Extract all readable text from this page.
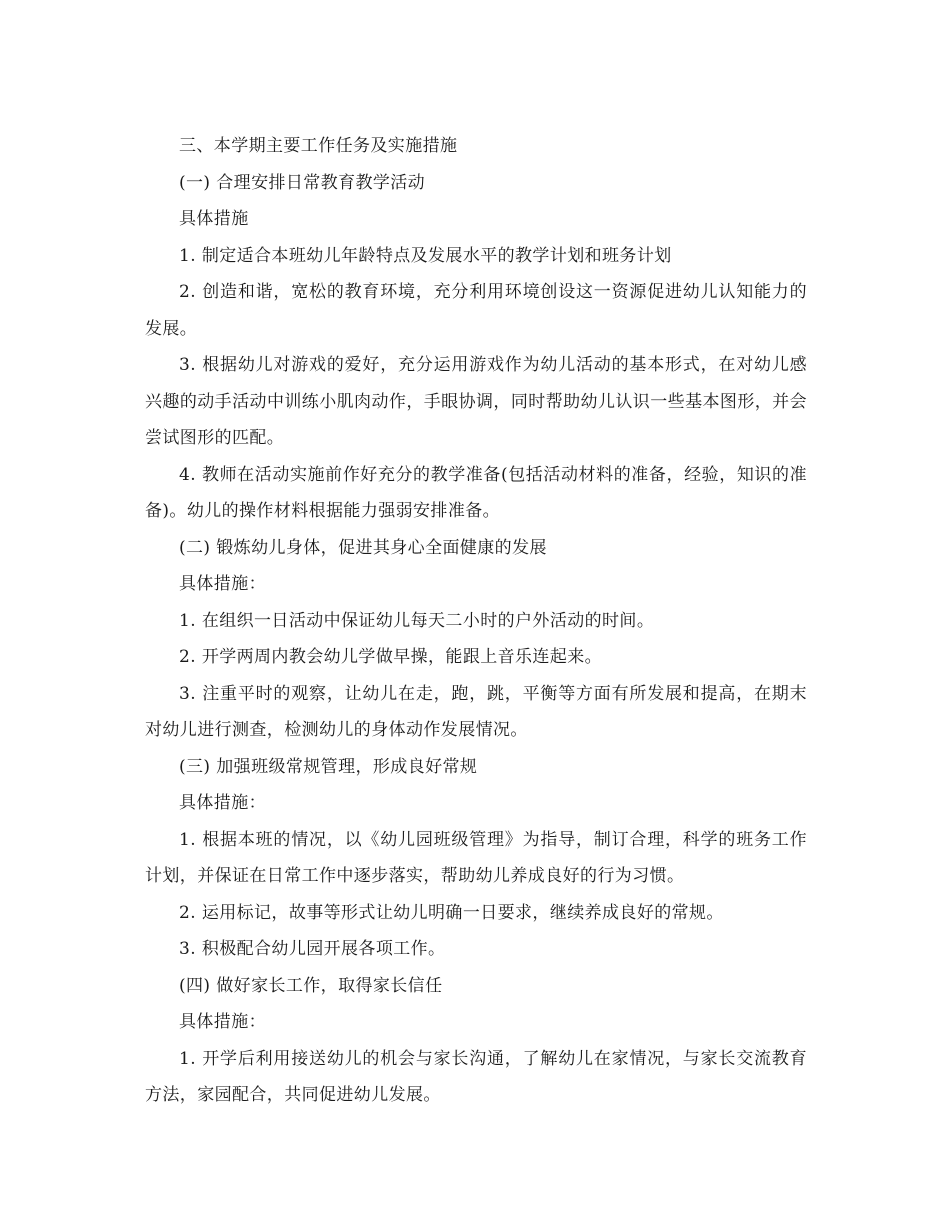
三、本学期主要工作任务及实施措施

(一) 合理安排日常教育教学活动

具体措施

1. 制定适合本班幼儿年龄特点及发展水平的教学计划和班务计划

2. 创造和谐，宽松的教育环境，充分利用环境创设这一资源促进幼儿认知能力的发展。

3. 根据幼儿对游戏的爱好，充分运用游戏作为幼儿活动的基本形式，在对幼儿感兴趣的动手活动中训练小肌肉动作，手眼协调，同时帮助幼儿认识一些基本图形，并会尝试图形的匹配。

4. 教师在活动实施前作好充分的教学准备(包括活动材料的准备，经验，知识的准备)。幼儿的操作材料根据能力强弱安排准备。

(二) 锻炼幼儿身体，促进其身心全面健康的发展

具体措施：

1. 在组织一日活动中保证幼儿每天二小时的户外活动的时间。

2. 开学两周内教会幼儿学做早操，能跟上音乐连起来。

3. 注重平时的观察，让幼儿在走，跑，跳，平衡等方面有所发展和提高，在期末对幼儿进行测查，检测幼儿的身体动作发展情况。

(三) 加强班级常规管理，形成良好常规

具体措施：

1. 根据本班的情况，以《幼儿园班级管理》为指导，制订合理，科学的班务工作计划，并保证在日常工作中逐步落实，帮助幼儿养成良好的行为习惯。

2. 运用标记，故事等形式让幼儿明确一日要求，继续养成良好的常规。

3. 积极配合幼儿园开展各项工作。

(四) 做好家长工作，取得家长信任

具体措施：

1. 开学后利用接送幼儿的机会与家长沟通，了解幼儿在家情况，与家长交流教育方法，家园配合，共同促进幼儿发展。
